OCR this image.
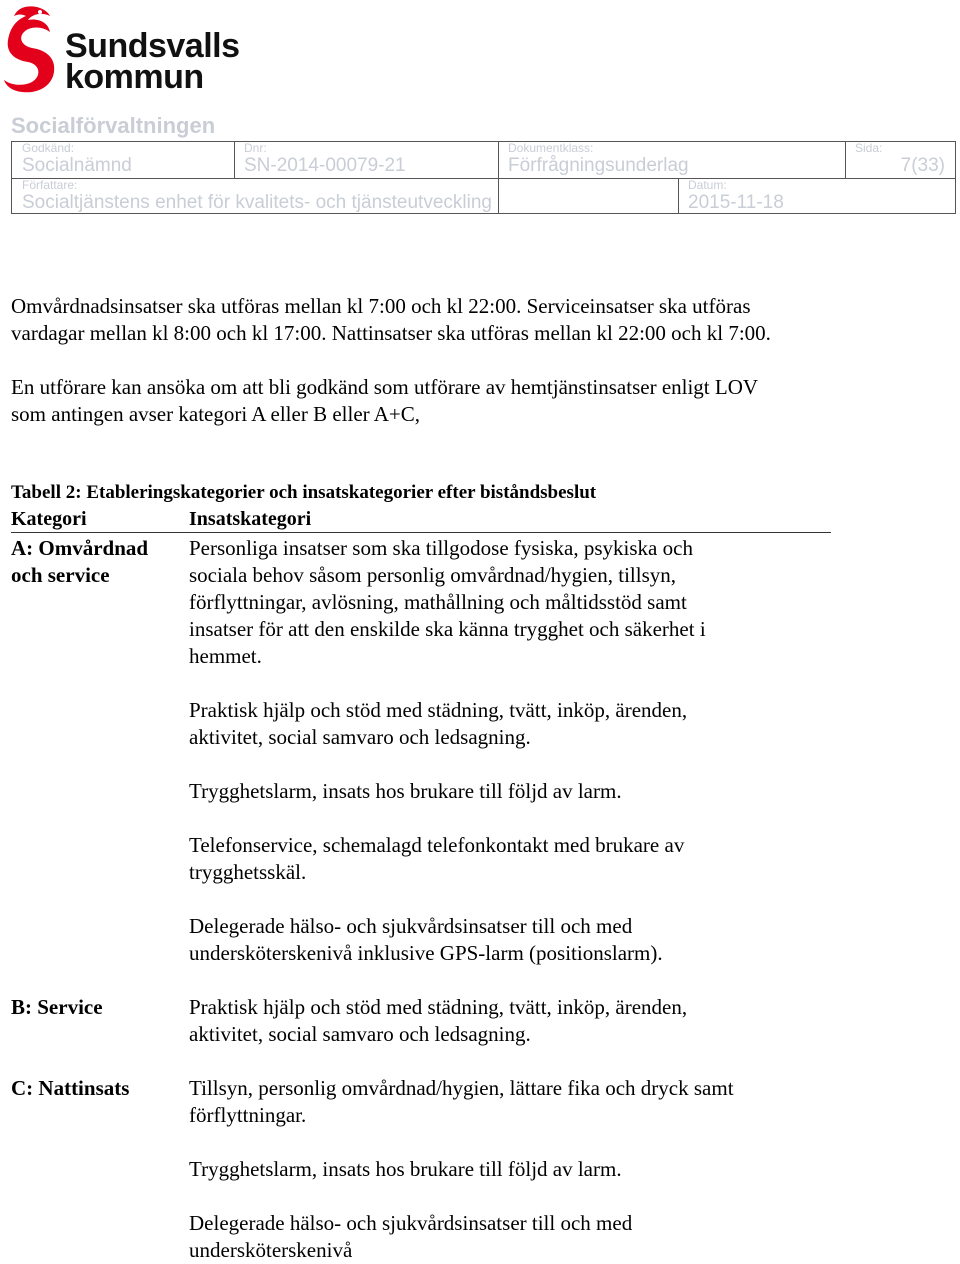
Sundsvalls
kommun
Socialförvaltningen
Godkänd:
Socialnämnd
Dnr:
SN-2014-00079-21
Dokumentklass:
Förfrågningsunderlag
Sida:
7(33)
Författare:
Socialtjänstens enhet för kvalitets- och tjänsteutveckling
Datum:
2015-11-18
Omvårdnadsinsatser ska utföras mellan kl 7:00 och kl 22:00. Serviceinsatser ska utföras
vardagar mellan kl 8:00 och kl 17:00. Nattinsatser ska utföras mellan kl 22:00 och kl 7:00.
En utförare kan ansöka om att bli godkänd som utförare av hemtjänstinsatser enligt LOV
som antingen avser kategori A eller B eller A+C,
Tabell 2: Etableringskategorier och insatskategorier efter biståndsbeslut
Kategori	Insatskategori
A: Omvårdnad
och service
Personliga insatser som ska tillgodose fysiska, psykiska och
sociala behov såsom personlig omvårdnad/hygien, tillsyn,
förflyttningar, avlösning, mathållning och måltidsstöd samt
insatser för att den enskilde ska känna trygghet och säkerhet i
hemmet.
Praktisk hjälp och stöd med städning, tvätt, inköp, ärenden,
aktivitet, social samvaro och ledsagning.
Trygghetslarm, insats hos brukare till följd av larm.
Telefonservice, schemalagd telefonkontakt med brukare av
trygghetsskäl.
Delegerade hälso- och sjukvårdsinsatser till och med
undersköterskenivå inklusive GPS-larm (positionslarm).
B: Service	Praktisk hjälp och stöd med städning, tvätt, inköp, ärenden,
aktivitet, social samvaro och ledsagning.
C: Nattinsats	Tillsyn, personlig omvårdnad/hygien, lättare fika och dryck samt
förflyttningar.
Trygghetslarm, insats hos brukare till följd av larm.
Delegerade hälso- och sjukvårdsinsatser till och med
undersköterskenivå
